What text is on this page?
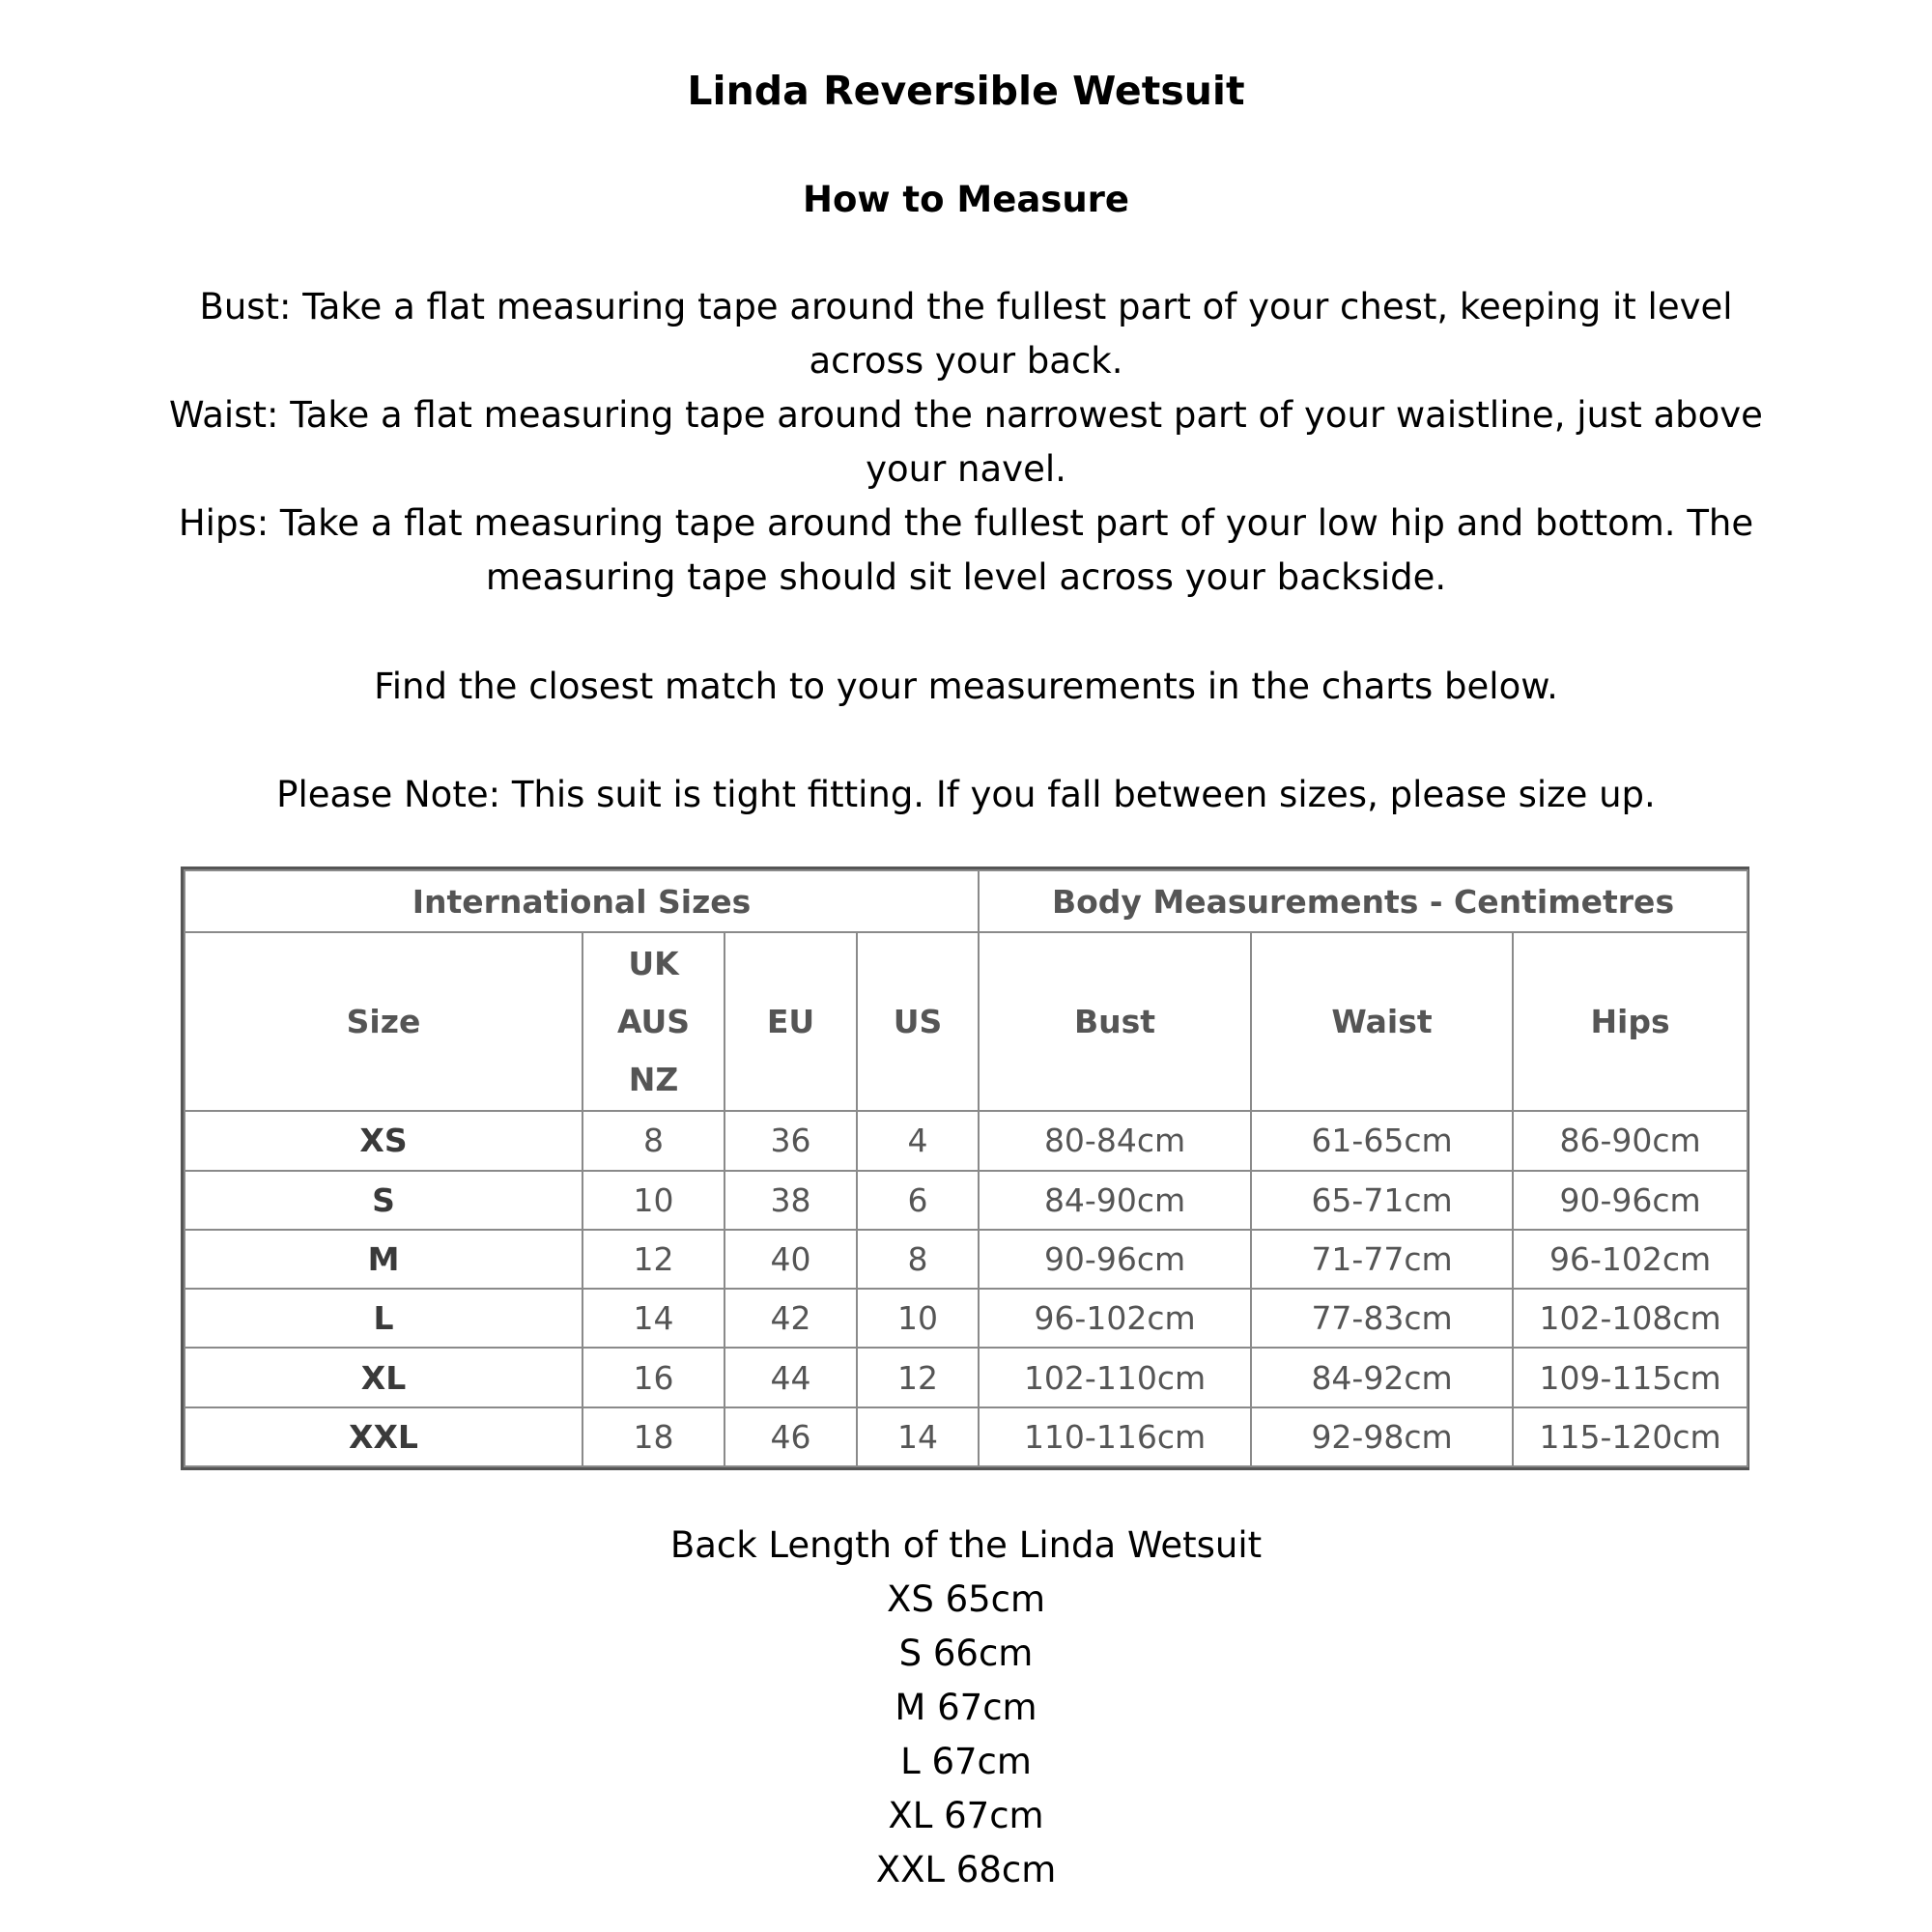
Linda Reversible Wetsuit
How to Measure

Bust: Take a flat measuring tape around the fullest part of your chest, keeping it level across your back.

Waist: Take a flat measuring tape around the narrowest part of your waistline, just above your navel.

Hips: Take a flat measuring tape around the fullest part of your low hip and bottom. The measuring tape should sit level across your backside.

Find the closest match to your measurements in the charts below.
Please Note: This suit is tight fitting. If you fall between sizes, please size up.
International Sizes				Body Measurements - Centimetres		
Size	UK
AUS
NZ	EU	US	Bust	Waist	Hips
XS	8	36	4	80-84cm	61-65cm	86-90cm
S	10	38	6	84-90cm	65-71cm	90-96cm
M	12	40	8	90-96cm	71-77cm	96-102cm
L	14	42	10	96-102cm	77-83cm	102-108cm
XL	16	44	12	102-110cm	84-92cm	109-115cm
XXL	18	46	14	110-116cm	92-98cm	115-120cm
Back Length of the Linda Wetsuit
XS 65cm
S 66cm
M 67cm
L 67cm
XL 67cm
XXL 68cm
